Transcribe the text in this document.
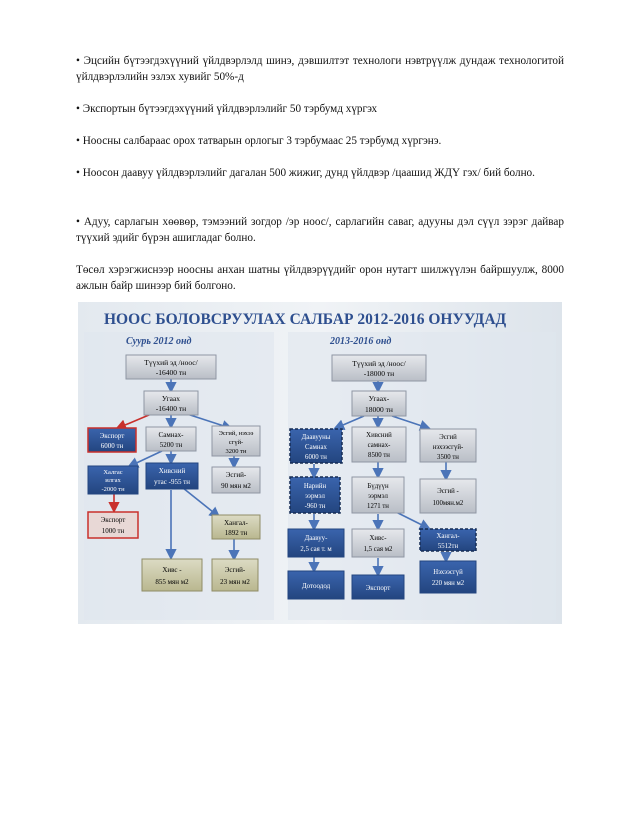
• Эцсийн бүтээгдэхүүний үйлдвэрлэлд шинэ, дэвшилтэт технологи нэвтрүүлж дундаж технологитой үйлдвэрлэлийн эзлэх хувийг 50%-д

• Экспортын бүтээгдэхүүний үйлдвэрлэлийг 50 тэрбумд хүргэх

• Ноосны салбараас орох татварын орлогыг 3 тэрбумаас 25 тэрбумд хүргэнэ.

• Ноосон даавуу үйлдвэрлэлийг дагалан 500 жижиг, дунд үйлдвэр /цаашид ЖДҮ гэх/ бий болно.

• Адуу, сарлагын хөөвөр, тэмээний зогдор /эр ноос/, сарлагийн саваг, адууны дэл сүүл зэрэг дайвар түүхий эдийг бүрэн ашигладаг болно.

Төсөл хэрэгжиснээр ноосны анхан шатны үйлдвэрүүдийг орон нутагт шилжүүлэн байршуулж, 8000 ажлын байр шинээр бий болгоно.

НООС БОЛОВСРУУЛАХ САЛБАР 2012-2016 ОНУУДАД
Суурь 2012 онд	2013-2016 онд
Түүхий эд /ноос/
-16400 тн
Угаах
-16400 тн
Экспорт
6000 тн
Самнах-
5200 тн
Эсгий, нэхээ
сгүй-
3200 тн
Халгас
илгах
-2000 тн
Хивсний
утас -955 тн
Эсгий-
90 мян м2
Экспорт
1000 тн
Хангал-
1892 тн
Хивс -
855 мян м2
Эсгий-
23 мян м2
Түүхий эд /ноос/
-18000 тн
Угаах-
18000 тн
Даавууны
Самнах
6000 тн
Хивсний
самнах-
8500 тн
Эсгий
нэхээсгүй-
3500 тн
Нарийн
ээрмэл
-960 тн
Бүдүүн
ээрмэл
1271 тн
Эсгий -
100мян.м2
Хангал-
5512тн
Даавуу-
2,5 сая т. м
Хивс-
1,5 сая м2
Нэхээсгүй
220 мян м2
Дотоодод	Экспорт
